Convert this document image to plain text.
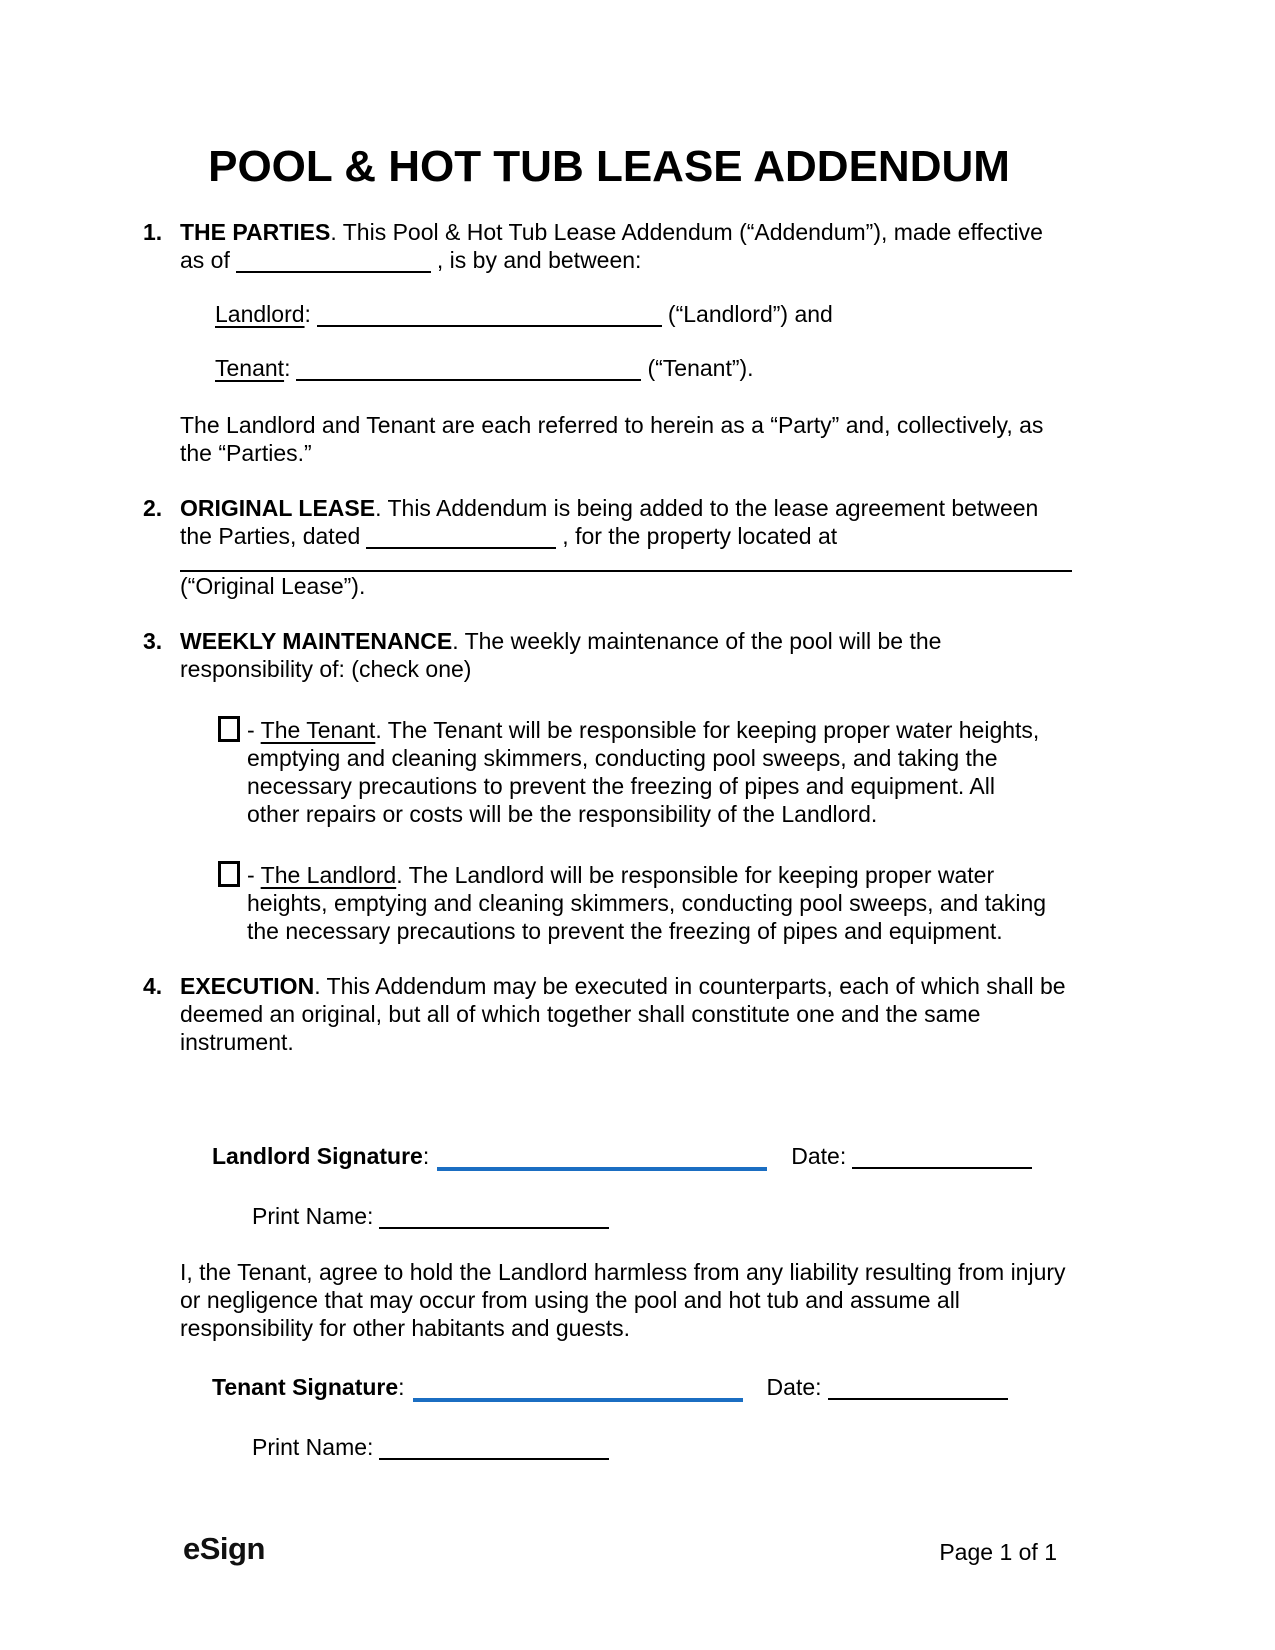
POOL & HOT TUB LEASE ADDENDUM
1. THE PARTIES. This Pool & Hot Tub Lease Addendum (“Addendum”), made effective as of	, is by and between:

Landlord:	(“Landlord”) and

Tenant:	(“Tenant”).

The Landlord and Tenant are each referred to herein as a “Party” and, collectively, as the “Parties.”

2. ORIGINAL LEASE. This Addendum is being added to the lease agreement between the Parties, dated	, for the property located at

(“Original Lease”).

3. WEEKLY MAINTENANCE. The weekly maintenance of the pool will be the responsibility of: (check one)

- The Tenant. The Tenant will be responsible for keeping proper water heights, emptying and cleaning skimmers, conducting pool sweeps, and taking the necessary precautions to prevent the freezing of pipes and equipment. All other repairs or costs will be the responsibility of the Landlord.

- The Landlord. The Landlord will be responsible for keeping proper water heights, emptying and cleaning skimmers, conducting pool sweeps, and taking the necessary precautions to prevent the freezing of pipes and equipment.

4. EXECUTION. This Addendum may be executed in counterparts, each of which shall be deemed an original, but all of which together shall constitute one and the same instrument.

Landlord Signature:	Date:

Print Name:

I, the Tenant, agree to hold the Landlord harmless from any liability resulting from injury or negligence that may occur from using the pool and hot tub and assume all responsibility for other habitants and guests.

Tenant Signature:	Date:

Print Name:

eSign	Page 1 of 1
